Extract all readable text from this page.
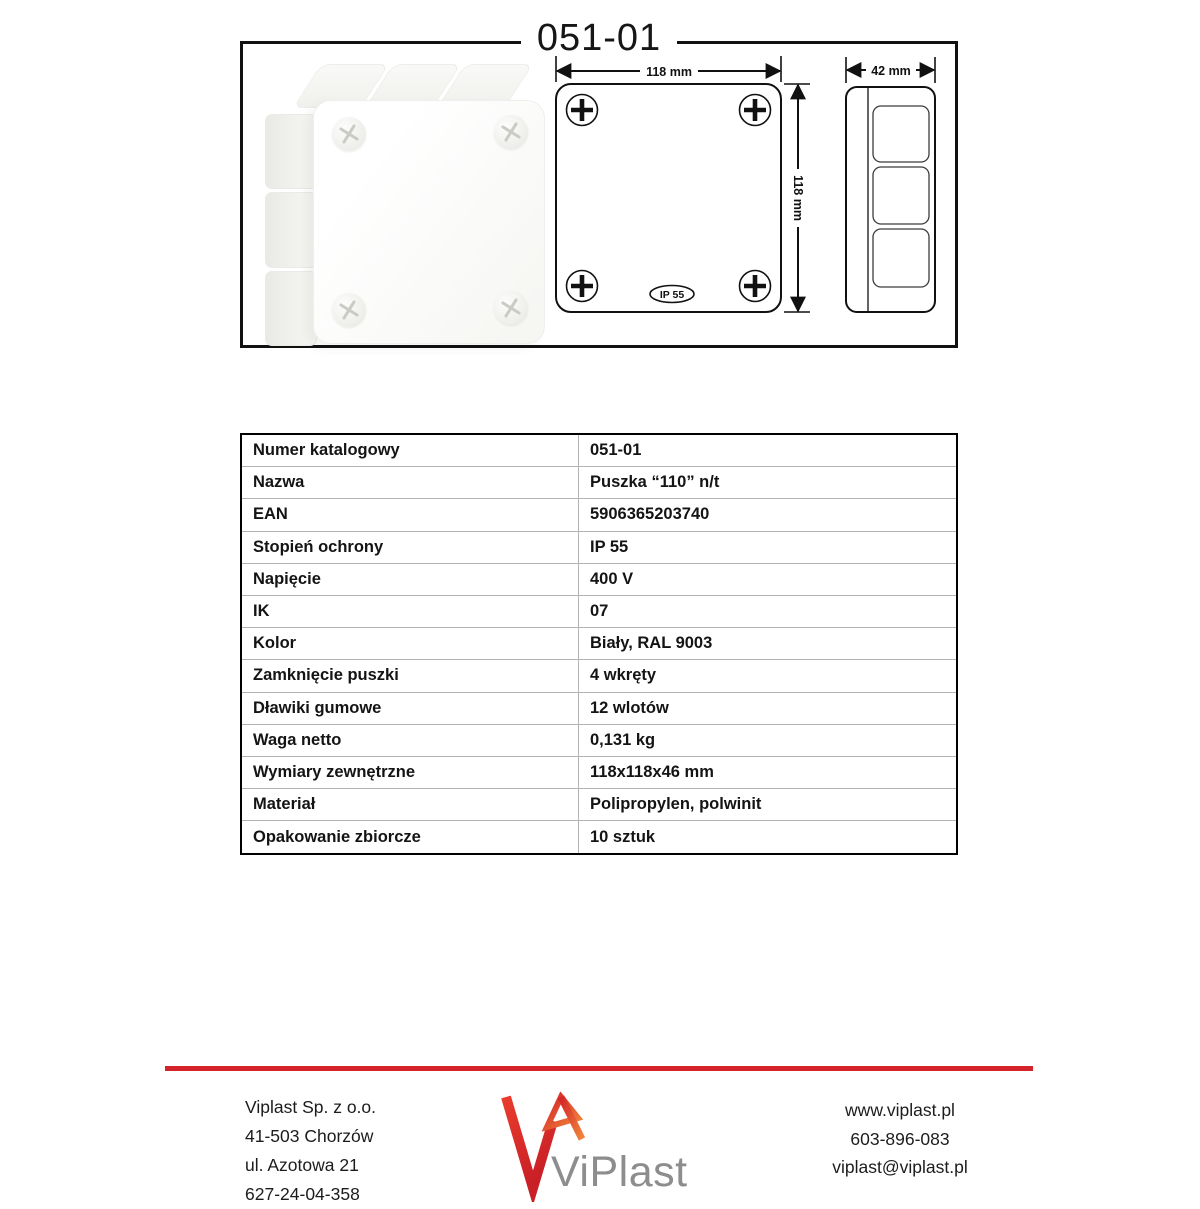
051-01
IP 55
118 mm
118 mm
42 mm
Numer katalogowy	051-01
Nazwa	Puszka “110” n/t
EAN	5906365203740
Stopień ochrony	IP 55
Napięcie	400 V
IK	07
Kolor	Biały, RAL 9003
Zamknięcie puszki	4 wkręty
Dławiki gumowe	12 wlotów
Waga netto	0,131 kg
Wymiary zewnętrzne	118x118x46 mm
Materiał	Polipropylen, polwinit
Opakowanie zbiorcze	10 sztuk
Viplast Sp. z o.o.
41-503 Chorzów
ul. Azotowa 21
627-24-04-358	ViPlast
www.viplast.pl
603-896-083
viplast@viplast.pl
